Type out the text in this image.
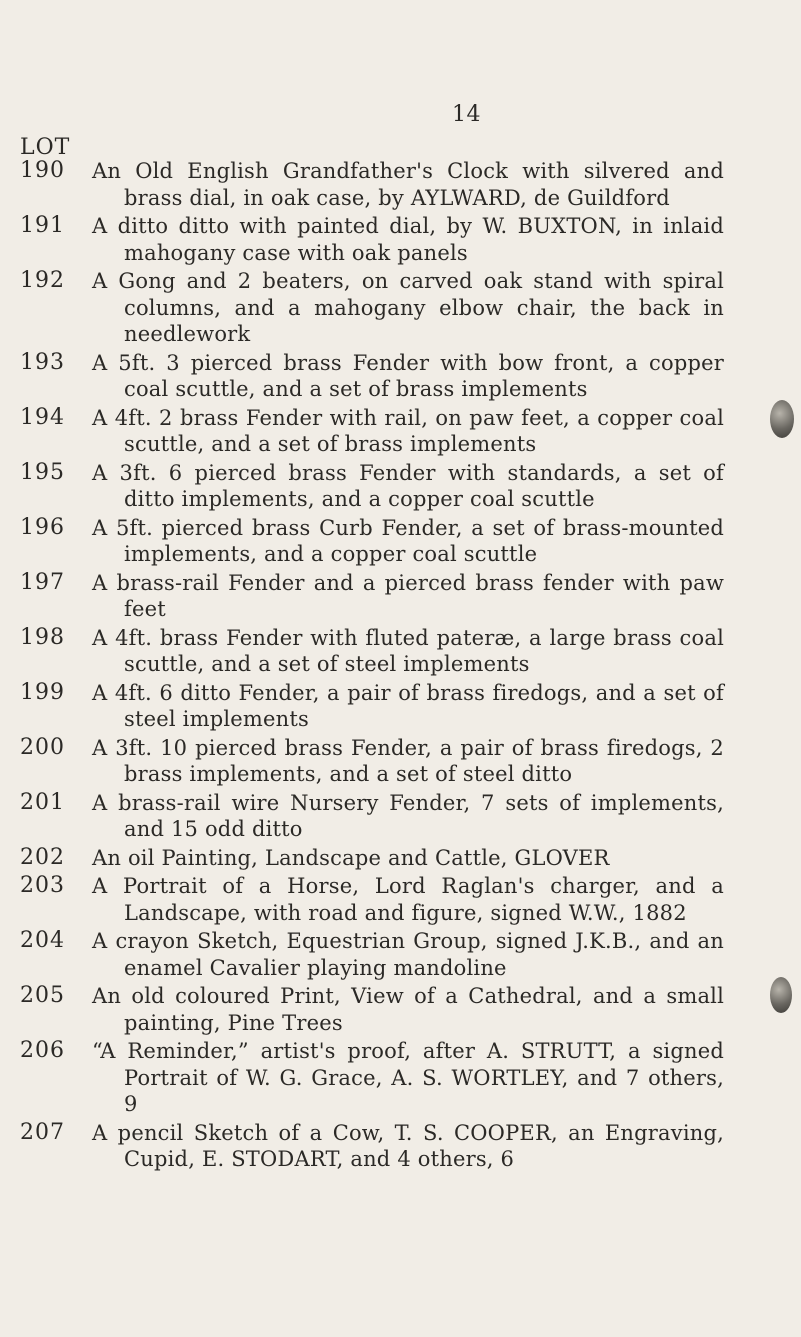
14
LOT
190	An Old English Grandfather's Clock with silvered and brass dial, in oak case, by AYLWARD, de Guildford
191	A ditto ditto with painted dial, by W. BUXTON, in inlaid mahogany case with oak panels
192	A Gong and 2 beaters, on carved oak stand with spiral columns, and a mahogany elbow chair, the back in needlework
193	A 5ft. 3 pierced brass Fender with bow front, a copper coal scuttle, and a set of brass implements
194	A 4ft. 2 brass Fender with rail, on paw feet, a copper coal scuttle, and a set of brass implements
195	A 3ft. 6 pierced brass Fender with standards, a set of ditto implements, and a copper coal scuttle
196	A 5ft. pierced brass Curb Fender, a set of brass-mounted implements, and a copper coal scuttle
197	A brass-rail Fender and a pierced brass fender with paw feet
198	A 4ft. brass Fender with fluted pateræ, a large brass coal scuttle, and a set of steel implements
199	A 4ft. 6 ditto Fender, a pair of brass firedogs, and a set of steel implements
200	A 3ft. 10 pierced brass Fender, a pair of brass firedogs, 2 brass implements, and a set of steel ditto
201	A brass-rail wire Nursery Fender, 7 sets of implements, and 15 odd ditto
202	An oil Painting, Landscape and Cattle, GLOVER
203	A Portrait of a Horse, Lord Raglan's charger, and a Landscape, with road and figure, signed W.W., 1882
204	A crayon Sketch, Equestrian Group, signed J.K.B., and an enamel Cavalier playing mandoline
205	An old coloured Print, View of a Cathedral, and a small painting, Pine Trees
206	“A Reminder,” artist's proof, after A. STRUTT, a signed Portrait of W. G. Grace, A. S. WORTLEY, and 7 others, 9
207	A pencil Sketch of a Cow, T. S. COOPER, an Engraving, Cupid, E. STODART, and 4 others, 6
